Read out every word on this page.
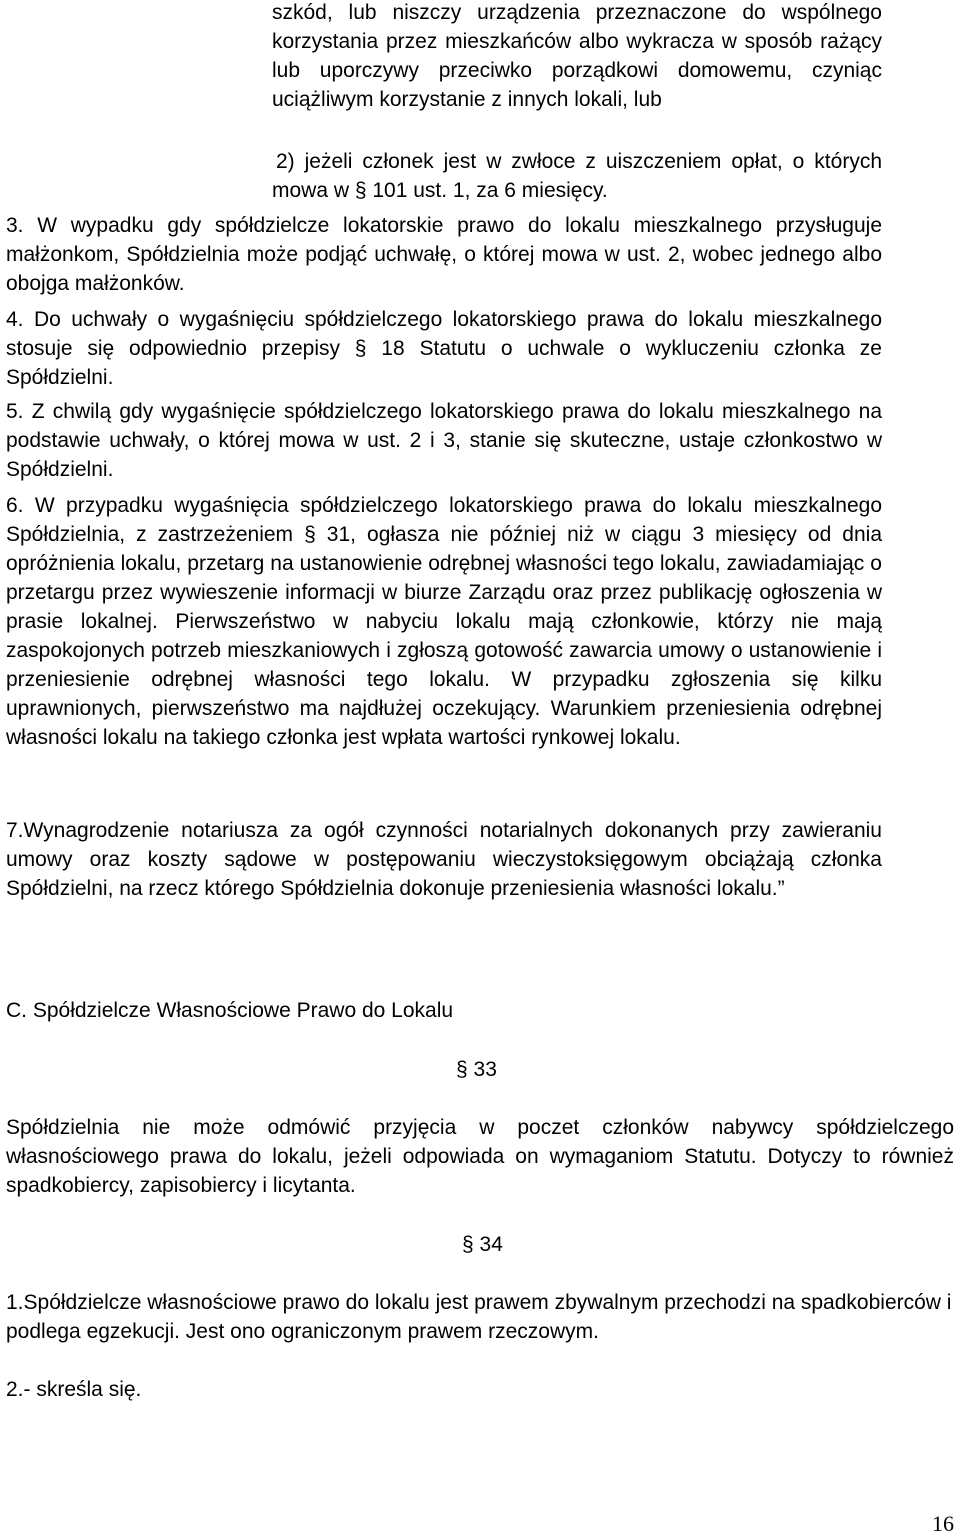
szkód, lub niszczy urządzenia przeznaczone do wspólnego korzystania przez mieszkańców albo wykracza w sposób rażący lub uporczywy przeciwko porządkowi domowemu, czyniąc uciążliwym korzystanie z innych lokali, lub

2) jeżeli członek jest w zwłoce z uiszczeniem opłat, o których mowa w § 101 ust. 1, za 6 miesięcy.

3. W wypadku gdy spółdzielcze lokatorskie prawo do lokalu mieszkalnego przysługuje małżonkom, Spółdzielnia może podjąć uchwałę, o której mowa w ust. 2, wobec jednego albo obojga małżonków.

4. Do uchwały o wygaśnięciu spółdzielczego lokatorskiego prawa do lokalu mieszkalnego stosuje się odpowiednio przepisy § 18 Statutu o uchwale o wykluczeniu członka ze Spółdzielni.

5. Z chwilą gdy wygaśnięcie spółdzielczego lokatorskiego prawa do lokalu mieszkalnego na podstawie uchwały, o której mowa w ust. 2 i 3, stanie się skuteczne, ustaje członkostwo w Spółdzielni.

6. W przypadku wygaśnięcia spółdzielczego lokatorskiego prawa do lokalu mieszkalnego Spółdzielnia, z zastrzeżeniem § 31, ogłasza nie później niż w ciągu 3 miesięcy od dnia opróżnienia lokalu, przetarg na ustanowienie odrębnej własności tego lokalu, zawiadamiając o przetargu przez wywieszenie informacji w biurze Zarządu oraz przez publikację ogłoszenia w prasie lokalnej. Pierwszeństwo w nabyciu lokalu mają członkowie, którzy nie mają zaspokojonych potrzeb mieszkaniowych i zgłoszą gotowość zawarcia umowy o ustanowienie i przeniesienie odrębnej własności tego lokalu. W przypadku zgłoszenia się kilku uprawnionych, pierwszeństwo ma najdłużej oczekujący. Warunkiem przeniesienia odrębnej własności lokalu na takiego członka jest wpłata wartości rynkowej lokalu.

7.Wynagrodzenie notariusza za ogół czynności notarialnych dokonanych przy zawieraniu umowy oraz koszty sądowe w postępowaniu wieczystoksięgowym obciążają członka Spółdzielni, na rzecz którego Spółdzielnia dokonuje przeniesienia własności lokalu.”

C. Spółdzielcze Własnościowe Prawo do Lokalu

§ 33

Spółdzielnia nie może odmówić przyjęcia w poczet członków nabywcy spółdzielczego własnościowego prawa do lokalu, jeżeli odpowiada on wymaganiom Statutu. Dotyczy to również spadkobiercy, zapisobiercy i licytanta.

§ 34

1.Spółdzielcze własnościowe prawo do lokalu jest prawem zbywalnym przechodzi na spadkobierców i podlega egzekucji. Jest ono ograniczonym prawem rzeczowym.

2.- skreśla się.

16
